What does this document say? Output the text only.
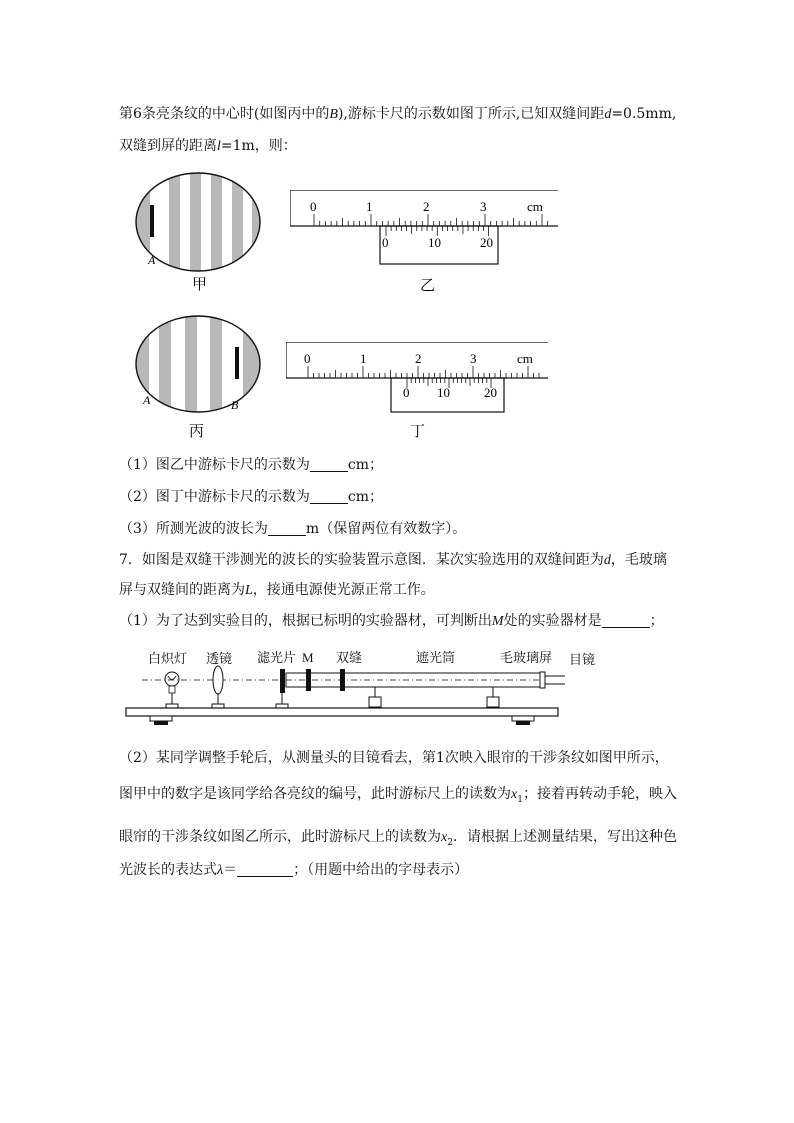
第6条亮条纹的中心时(如图丙中的B),游标卡尺的示数如图丁所示,已知双缝间距d=0.5mm,
双缝到屏的距离l=1m，则：
A
甲
0	1	2	3	cm
0	10	20
乙
A	B
丙
0	1	2	3	cm
0 10	20
丁
（1）图乙中游标卡尺的示数为	cm；
（2）图丁中游标卡尺的示数为	cm；
（3）所测光波的波长为	m（保留两位有效数字）。
7．如图是双缝干涉测光的波长的实验装置示意图．某次实验选用的双缝间距为d，毛玻璃
屏与双缝间的距离为L，接通电源使光源正常工作。
（1）为了达到实验目的，根据已标明的实验器材，可判断出M处的实验器材是	；
白炽灯 透镜 滤光片 M 双缝	遮光筒	毛玻璃屏 目镜
（2）某同学调整手轮后，从测量头的目镜看去，第1次映入眼帘的干涉条纹如图甲所示，
图甲中的数字是该同学给各亮纹的编号，此时游标尺上的读数为$x_1$；接着再转动手轮，映入
眼帘的干涉条纹如图乙所示，此时游标尺上的读数为$x_2$．请根据上述测量结果，写出这种色
光波长的表达式λ＝	；（用题中给出的字母表示）
